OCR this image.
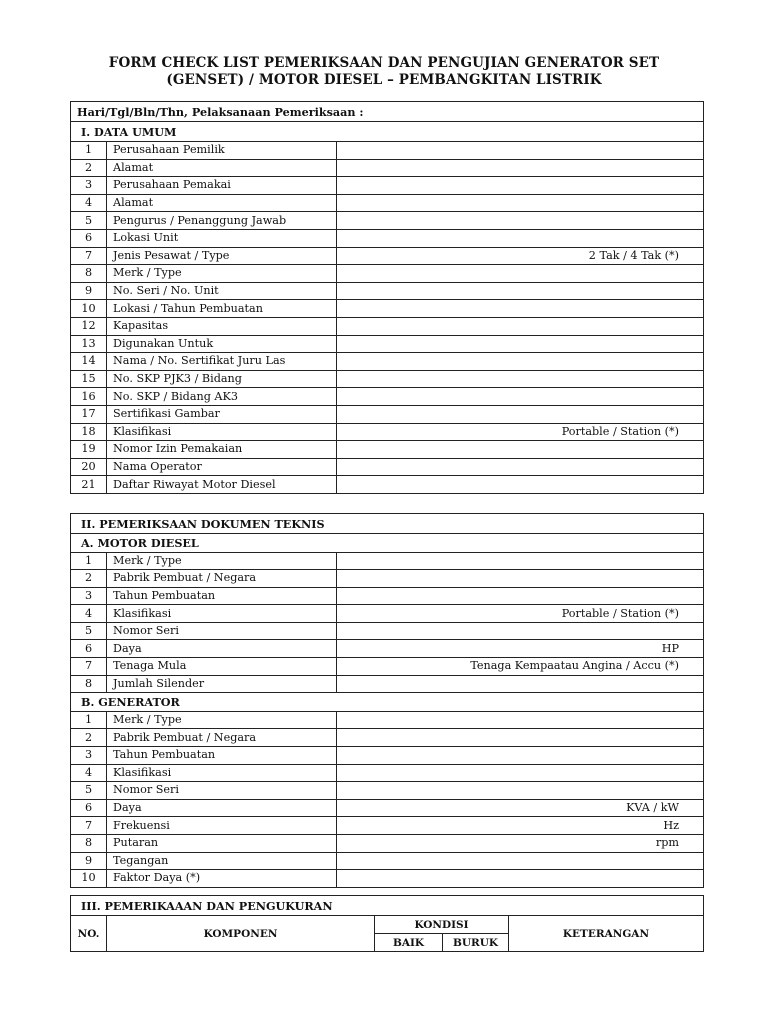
FORM CHECK LIST PEMERIKSAAN DAN PENGUJIAN GENERATOR SET
(GENSET) / MOTOR DIESEL – PEMBANGKITAN LISTRIK
Hari/Tgl/Bln/Thn, Pelaksanaan Pemeriksaan :		
I. DATA UMUM		
1	Perusahaan Pemilik	
2	Alamat	
3	Perusahaan Pemakai	
4	Alamat	
5	Pengurus / Penanggung Jawab	
6	Lokasi Unit	
7	Jenis Pesawat / Type	2 Tak / 4 Tak (*)
8	Merk / Type	
9	No. Seri / No. Unit	
10	Lokasi / Tahun Pembuatan	
12	Kapasitas	
13	Digunakan Untuk	
14	Nama / No. Sertifikat Juru Las	
15	No. SKP PJK3 / Bidang	
16	No. SKP / Bidang AK3	
17	Sertifikasi Gambar	
18	Klasifikasi	Portable / Station (*)
19	Nomor Izin Pemakaian	
20	Nama Operator	
21	Daftar Riwayat Motor Diesel	
II. PEMERIKSAAN DOKUMEN TEKNIS		
A. MOTOR DIESEL		
1	Merk / Type	
2	Pabrik Pembuat / Negara	
3	Tahun Pembuatan	
4	Klasifikasi	Portable / Station (*)
5	Nomor Seri	
6	Daya	HP
7	Tenaga Mula	Tenaga Kempaatau Angina / Accu (*)
8	Jumlah Silender	
B. GENERATOR		
1	Merk / Type	
2	Pabrik Pembuat / Negara	
3	Tahun Pembuatan	
4	Klasifikasi	
5	Nomor Seri	
6	Daya	KVA / kW
7	Frekuensi	Hz
8	Putaran	rpm
9	Tegangan	
10	Faktor Daya (*)	
III. PEMERIKAAAN DAN PENGUKURAN				
NO.	KOMPONEN	KONDISI		KETERANGAN
		BAIK	BURUK	
